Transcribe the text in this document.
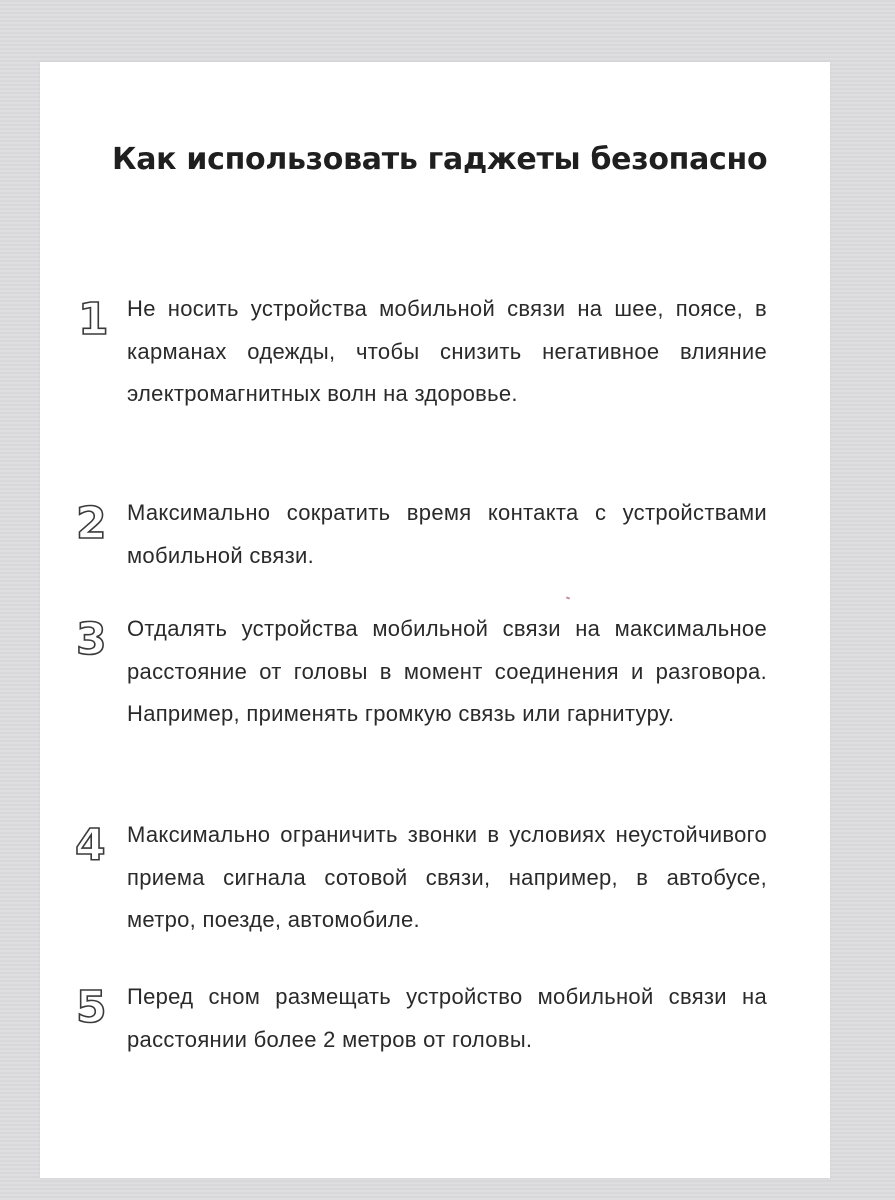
Как использовать гаджеты безопасно
1 Не носить устройства мобильной связи на шее, поясе, в карманах одежды, чтобы снизить негативное влияние электромагнитных волн на здоровье.
2 Максимально сократить время контакта с устройствами мобильной связи.
3 Отдалять устройства мобильной связи на максимальное расстояние от головы в момент соединения и разговора. Например, применять громкую связь или гарнитуру.
4 Максимально ограничить звонки в условиях неустойчивого приема сигнала сотовой связи, например, в автобусе, метро, поезде, автомобиле.
5 Перед сном размещать устройство мобильной связи на расстоянии более 2 метров от головы.
